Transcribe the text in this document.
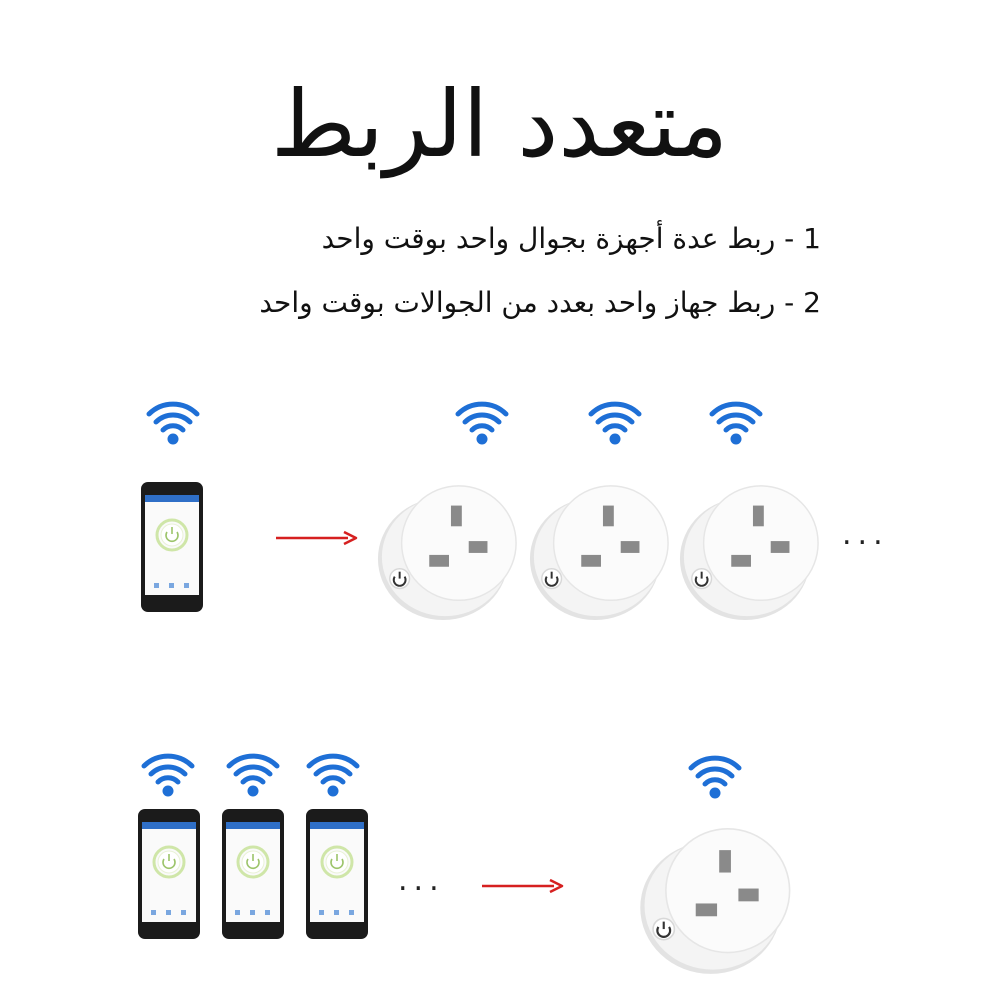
متعدد الربط
1 - ربط عدة أجهزة بجوال واحد بوقت واحد
2 - ربط جهاز واحد بعدد من الجوالات بوقت واحد
...
...
